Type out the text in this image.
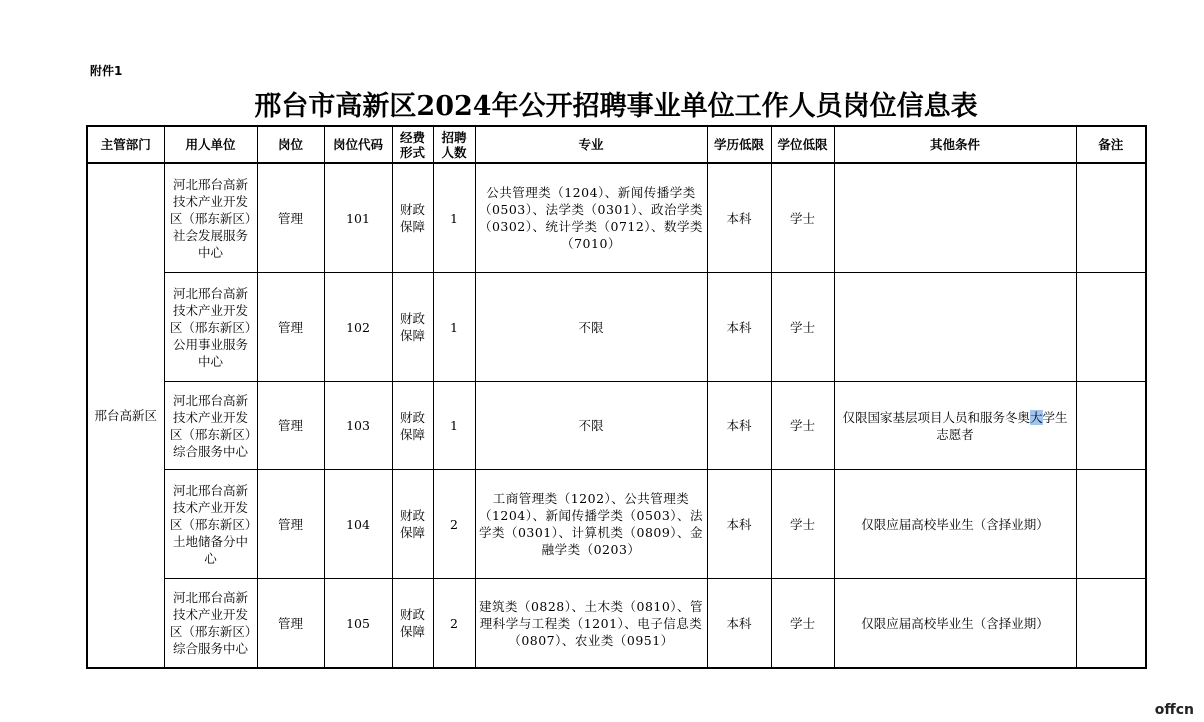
附件1
邢台市高新区2024年公开招聘事业单位工作人员岗位信息表
主管部门	用人单位	岗位	岗位代码	经费形式	招聘人数	专业	学历低限	学位低限	其他条件	备注
邢台高新区	河北邢台高新技术产业开发区（邢东新区）社会发展服务中心	管理	101	财政保障	1	公共管理类（1204）、新闻传播学类（0503）、法学类（0301）、政治学类（0302）、统计学类（0712）、数学类（7010）	本科	学士		
	河北邢台高新技术产业开发区（邢东新区）公用事业服务中心	管理	102	财政保障	1	不限	本科	学士		
	河北邢台高新技术产业开发区（邢东新区）综合服务中心	管理	103	财政保障	1	不限	本科	学士	仅限国家基层项目人员和服务冬奥大学生志愿者	
	河北邢台高新技术产业开发区（邢东新区）土地储备分中心	管理	104	财政保障	2	工商管理类（1202）、公共管理类（1204）、新闻传播学类（0503）、法学类（0301）、计算机类（0809）、金融学类（0203）	本科	学士	仅限应届高校毕业生（含择业期）	
	河北邢台高新技术产业开发区（邢东新区）综合服务中心	管理	105	财政保障	2	建筑类（0828）、土木类（0810）、管理科学与工程类（1201）、电子信息类（0807）、农业类（0951）	本科	学士	仅限应届高校毕业生（含择业期）	
offcn
